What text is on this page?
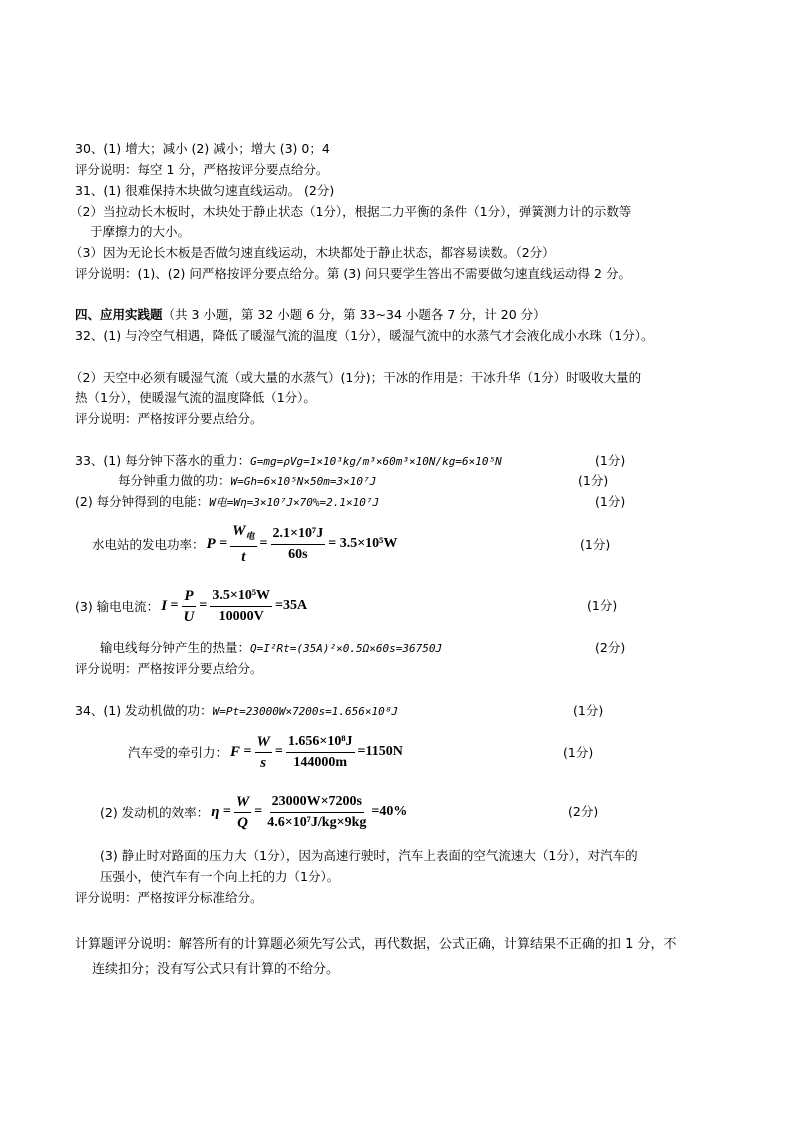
30、(1) 增大；减小 (2) 减小；增大 (3) 0；4
评分说明：每空 1 分，严格按评分要点给分。
31、(1) 很难保持木块做匀速直线运动。 (2分)
（2）当拉动长木板时，木块处于静止状态（1分），根据二力平衡的条件（1分），弹簧测力计的示数等
于摩擦力的大小。
（3）因为无论长木板是否做匀速直线运动，木块都处于静止状态，都容易读数。（2分）
评分说明：(1)、(2) 问严格按评分要点给分。第 (3) 问只要学生答出不需要做匀速直线运动得 2 分。
四、应用实践题（共 3 小题，第 32 小题 6 分，第 33~34 小题各 7 分，计 20 分）
32、(1) 与冷空气相遇，降低了暖湿气流的温度（1分），暖湿气流中的水蒸气才会液化成小水珠（1分）。
（2）天空中必须有暖湿气流（或大量的水蒸气）(1分)；干冰的作用是：干冰升华（1分）时吸收大量的
热（1分），使暖湿气流的温度降低（1分）。
评分说明：严格按评分要点给分。
33、(1) 每分钟下落水的重力：G=mg=ρVg=1×10³kg/m³×60m³×10N/kg=6×10⁵N	(1分)
每分钟重力做的功：W=Gh=6×10⁵N×50m=3×10⁷J	(1分)
(2) 每分钟得到的电能：W电=Wη=3×10⁷J×70%=2.1×10⁷J	(1分)
水电站的发电功率： $P = \frac{W_电}{t} = \frac{\text{2.1×10⁷J}}{60s} = 3.5\times 10^5W$	(1分)
(3) 输电电流： $I = \frac{P}{U} = \frac{\text{3.5×10⁵W}}{10000V} = 35A$	(1分)
输电线每分钟产生的热量：Q=I²Rt=(35A)²×0.5Ω×60s=36750J	(2分)
评分说明：严格按评分要点给分。
34、(1) 发动机做的功：W=Pt=23000W×7200s=1.656×10⁸J	(1分)
汽车受的牵引力： $F = \frac{W}{s} = \frac{\text{1.656×10⁸J}}{144000m} = 1150N$	(1分)
(2) 发动机的效率： $\eta = \frac{W}{Q} = \frac{23000W\times 7200s}{\text{4.6×10⁷J/kg×9kg}} = 40\%$	(2分)
(3) 静止时对路面的压力大（1分），因为高速行驶时，汽车上表面的空气流速大（1分），对汽车的
压强小，使汽车有一个向上托的力（1分）。
评分说明：严格按评分标准给分。
计算题评分说明：解答所有的计算题必须先写公式，再代数据，公式正确，计算结果不正确的扣 1 分，不
连续扣分；没有写公式只有计算的不给分。
